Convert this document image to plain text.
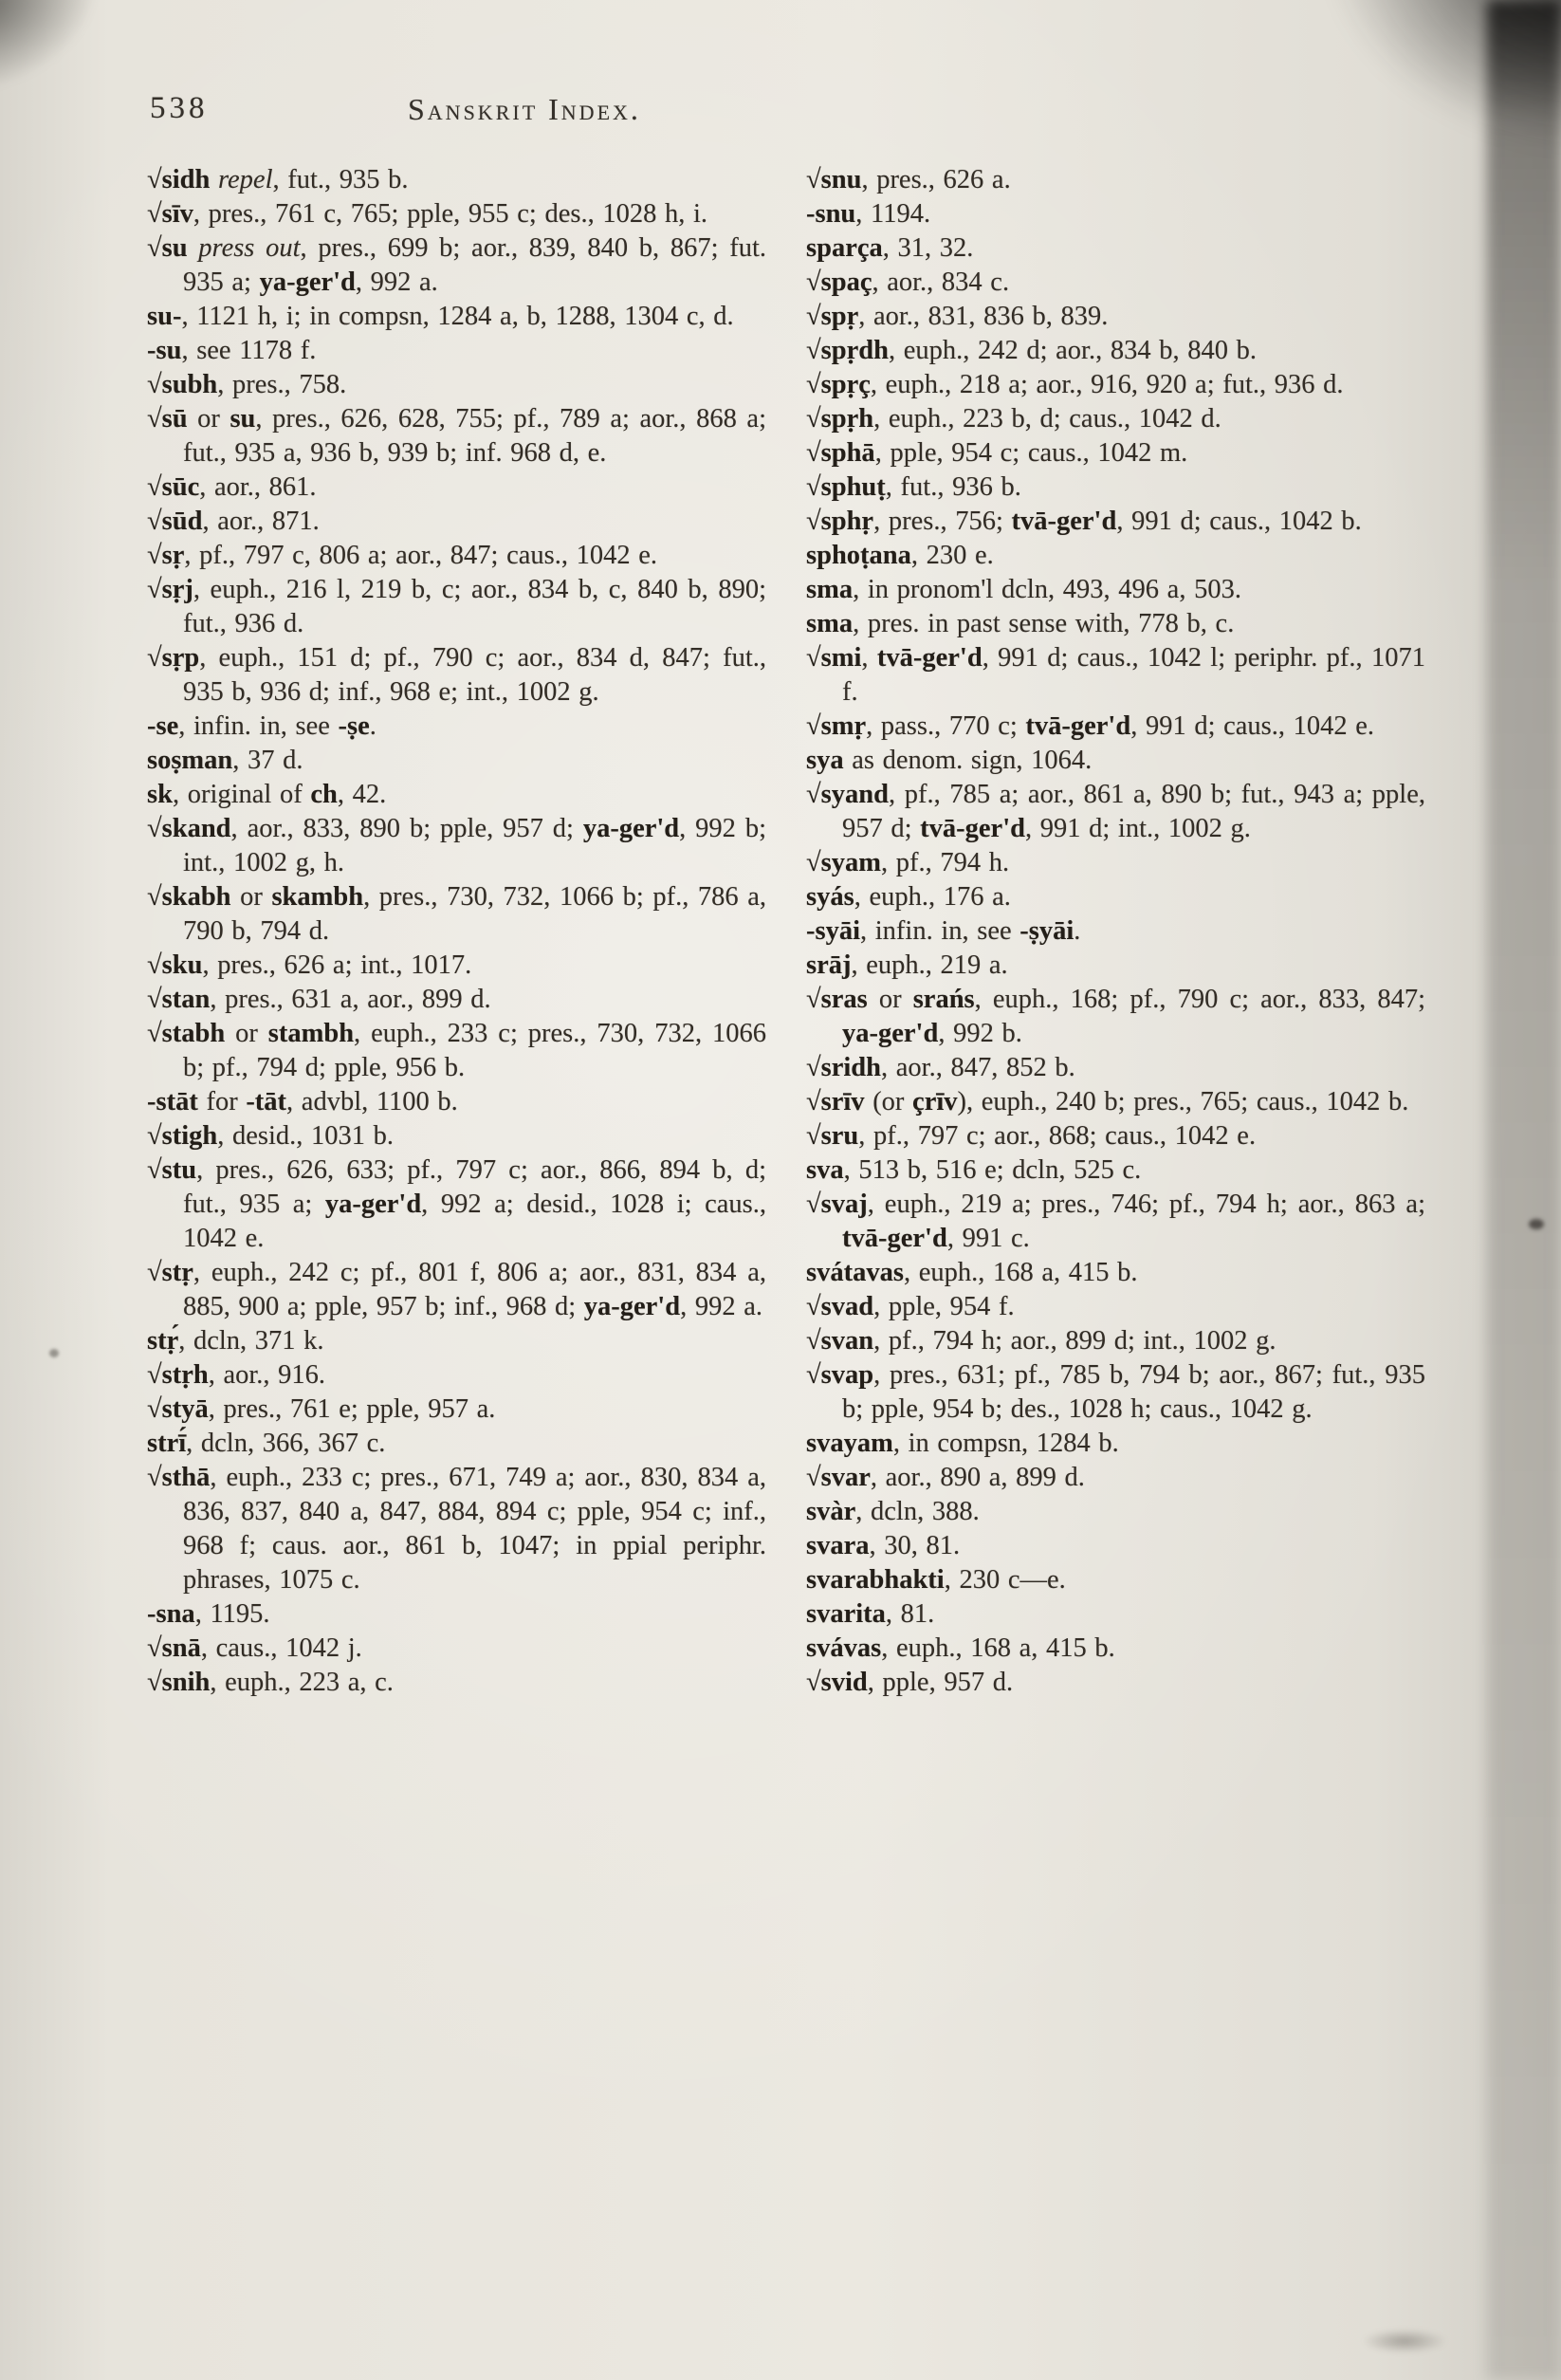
538	Sanskrit Index.

√sidh repel, fut., 935 b.

√sīv, pres., 761 c, 765; pple, 955 c; des., 1028 h, i.

√su press out, pres., 699 b; aor., 839, 840 b, 867; fut. 935 a; ya-ger'd, 992 a.

su-, 1121 h, i; in compsn, 1284 a, b, 1288, 1304 c, d.

-su, see 1178 f.

√subh, pres., 758.

√sū or su, pres., 626, 628, 755; pf., 789 a; aor., 868 a; fut., 935 a, 936 b, 939 b; inf. 968 d, e.

√sūc, aor., 861.

√sūd, aor., 871.

√sṛ, pf., 797 c, 806 a; aor., 847; caus., 1042 e.

√sṛj, euph., 216 l, 219 b, c; aor., 834 b, c, 840 b, 890; fut., 936 d.

√sṛp, euph., 151 d; pf., 790 c; aor., 834 d, 847; fut., 935 b, 936 d; inf., 968 e; int., 1002 g.

-se, infin. in, see -ṣe.

soṣman, 37 d.

sk, original of ch, 42.

√skand, aor., 833, 890 b; pple, 957 d; ya-ger'd, 992 b; int., 1002 g, h.

√skabh or skambh, pres., 730, 732, 1066 b; pf., 786 a, 790 b, 794 d.

√sku, pres., 626 a; int., 1017.

√stan, pres., 631 a, aor., 899 d.

√stabh or stambh, euph., 233 c; pres., 730, 732, 1066 b; pf., 794 d; pple, 956 b.

-stāt for -tāt, advbl, 1100 b.

√stigh, desid., 1031 b.

√stu, pres., 626, 633; pf., 797 c; aor., 866, 894 b, d; fut., 935 a; ya-ger'd, 992 a; desid., 1028 i; caus., 1042 e.

√stṛ, euph., 242 c; pf., 801 f, 806 a; aor., 831, 834 a, 885, 900 a; pple, 957 b; inf., 968 d; ya-ger'd, 992 a.

stṛ́, dcln, 371 k.

√stṛh, aor., 916.

√styā, pres., 761 e; pple, 957 a.

strī́, dcln, 366, 367 c.

√sthā, euph., 233 c; pres., 671, 749 a; aor., 830, 834 a, 836, 837, 840 a, 847, 884, 894 c; pple, 954 c; inf., 968 f; caus. aor., 861 b, 1047; in ppial periphr. phrases, 1075 c.

-sna, 1195.

√snā, caus., 1042 j.

√snih, euph., 223 a, c.

√snu, pres., 626 a.

-snu, 1194.

sparça, 31, 32.

√spaç, aor., 834 c.

√spṛ, aor., 831, 836 b, 839.

√spṛdh, euph., 242 d; aor., 834 b, 840 b.

√spṛç, euph., 218 a; aor., 916, 920 a; fut., 936 d.

√spṛh, euph., 223 b, d; caus., 1042 d.

√sphā, pple, 954 c; caus., 1042 m.

√sphuṭ, fut., 936 b.

√sphṛ, pres., 756; tvā-ger'd, 991 d; caus., 1042 b.

sphoṭana, 230 e.

sma, in pronom'l dcln, 493, 496 a, 503.

sma, pres. in past sense with, 778 b, c.

√smi, tvā-ger'd, 991 d; caus., 1042 l; periphr. pf., 1071 f.

√smṛ, pass., 770 c; tvā-ger'd, 991 d; caus., 1042 e.

sya as denom. sign, 1064.

√syand, pf., 785 a; aor., 861 a, 890 b; fut., 943 a; pple, 957 d; tvā-ger'd, 991 d; int., 1002 g.

√syam, pf., 794 h.

syás, euph., 176 a.

-syāi, infin. in, see -ṣyāi.

srāj, euph., 219 a.

√sras or srańs, euph., 168; pf., 790 c; aor., 833, 847; ya-ger'd, 992 b.

√sridh, aor., 847, 852 b.

√srīv (or çrīv), euph., 240 b; pres., 765; caus., 1042 b.

√sru, pf., 797 c; aor., 868; caus., 1042 e.

sva, 513 b, 516 e; dcln, 525 c.

√svaj, euph., 219 a; pres., 746; pf., 794 h; aor., 863 a; tvā-ger'd, 991 c.

svátavas, euph., 168 a, 415 b.

√svad, pple, 954 f.

√svan, pf., 794 h; aor., 899 d; int., 1002 g.

√svap, pres., 631; pf., 785 b, 794 b; aor., 867; fut., 935 b; pple, 954 b; des., 1028 h; caus., 1042 g.

svayam, in compsn, 1284 b.

√svar, aor., 890 a, 899 d.

svàr, dcln, 388.

svara, 30, 81.

svarabhakti, 230 c—e.

svarita, 81.

svávas, euph., 168 a, 415 b.

√svid, pple, 957 d.
